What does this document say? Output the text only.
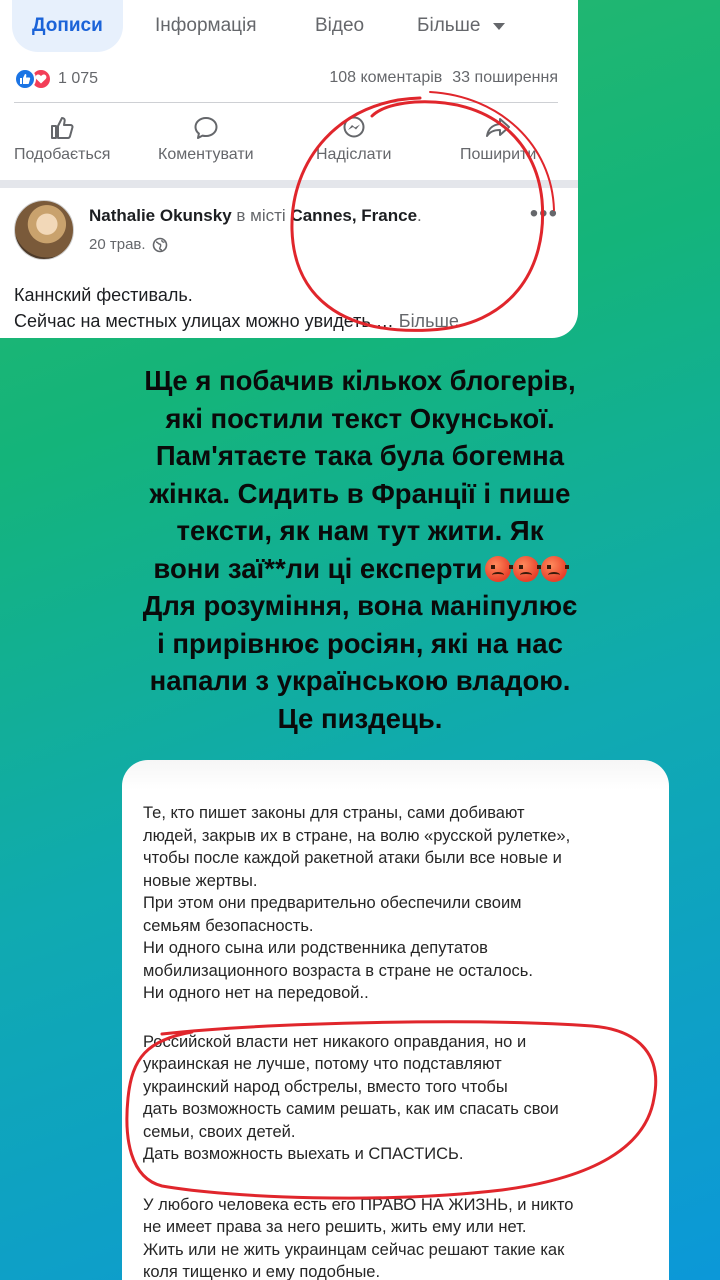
Дописи	Інформація	Відео	Більше
1 075	108 коментарів 33 поширення
Подобається	Коментувати	Надіслати	Поширити
Nathalie Okunsky в місті Cannes, France.
20 трав.
•••
Каннский фестиваль.
Сейчас на местных улицах можно увидеть … Більше
Ще я побачив кількох блогерів,
які постили текст Окунської.
Пам'ятаєте така була богемна
жінка. Сидить в Франції і пише
тексти, як нам тут жити. Як
вони заї**ли ці експерти
Для розуміння, вона маніпулює
і прирівнює росіян, які на нас
напали з українською владою.
Це пиздець.

Те, кто пишет законы для страны, сами добивают

людей, закрыв их в стране, на волю «русской рулетке»,

чтобы после каждой ракетной атаки были все новые и

новые жертвы.

При этом они предварительно обеспечили своим

семьям безопасность.

Ни одного сына или родственника депутатов

мобилизационного возраста в стране не осталось.

Ни одного нет на передовой..

Российской власти нет никакого оправдания, но и

украинская не лучше, потому что подставляют

украинский народ обстрелы, вместо того чтобы

дать возможность самим решать, как им спасать свои

семьи, своих детей.

Дать возможность выехать и СПАСТИСЬ.

У любого человека есть его ПРАВО НА ЖИЗНЬ, и никто

не имеет права за него решить, жить ему или нет.

Жить или не жить украинцам сейчас решают такие как

коля тищенко и ему подобные.
